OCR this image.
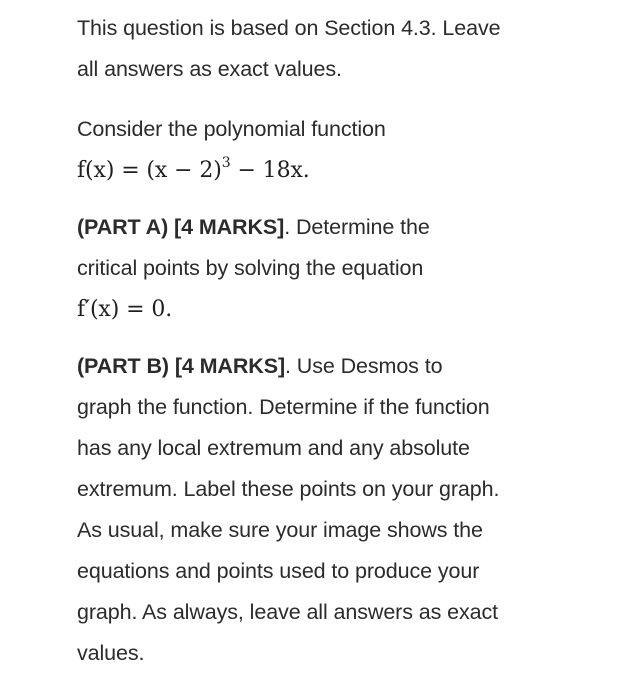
This question is based on Section 4.3. Leave

all answers as exact values.

Consider the polynomial function

$f(x) = (x - 2)^3 - 18x$.

(PART A) [4 MARKS]. Determine the

critical points by solving the equation

f′(x) = 0.

(PART B) [4 MARKS]. Use Desmos to

graph the function. Determine if the function

has any local extremum and any absolute

extremum. Label these points on your graph.

As usual, make sure your image shows the

equations and points used to produce your

graph. As always, leave all answers as exact

values.
